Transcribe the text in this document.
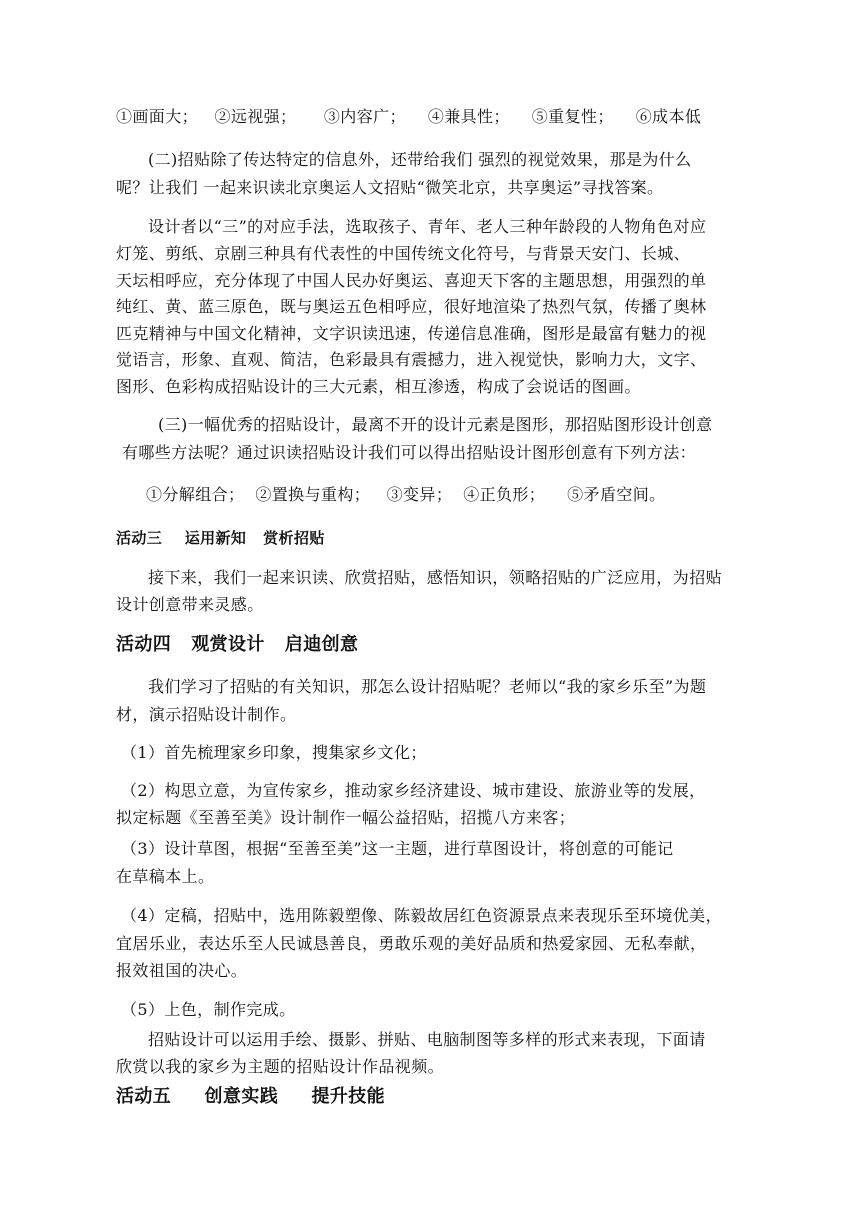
①画面大；   ②远视强；     ③内容广；    ④兼具性；    ⑤重复性；    ⑥成本低
(二)招贴除了传达特定的信息外，还带给我们 强烈的视觉效果，那是为什么
呢？让我们 一起来识读北京奥运人文招贴“微笑北京，共享奥运”寻找答案。
设计者以“三”的对应手法，选取孩子、青年、老人三种年龄段的人物角色对应
灯笼、剪纸、京剧三种具有代表性的中国传统文化符号，与背景天安门、长城、
天坛相呼应，充分体现了中国人民办好奥运、喜迎天下客的主题思想，用强烈的单
纯红、黄、蓝三原色，既与奥运五色相呼应，很好地渲染了热烈气氛，传播了奥林
匹克精神与中国文化精神，文字识读迅速，传递信息准确，图形是最富有魅力的视
觉语言，形象、直观、简洁，色彩最具有震撼力，进入视觉快，影响力大，文字、
图形、色彩构成招贴设计的三大元素，相互渗透，构成了会说话的图画。
(三)一幅优秀的招贴设计，最离不开的设计元素是图形，那招贴图形设计创意
有哪些方法呢？通过识读招贴设计我们可以得出招贴设计图形创意有下列方法：
①分解组合；  ②置换与重构；   ③变异；  ④正负形；    ⑤矛盾空间。
活动三    运用新知   赏析招贴
接下来，我们一起来识读、欣赏招贴，感悟知识，领略招贴的广泛应用，为招贴
设计创意带来灵感。
活动四   观赏设计   启迪创意
我们学习了招贴的有关知识，那怎么设计招贴呢？老师以“我的家乡乐至”为题
材，演示招贴设计制作。
（1）首先梳理家乡印象，搜集家乡文化；
（2）构思立意，为宣传家乡，推动家乡经济建设、城市建设、旅游业等的发展，
拟定标题《至善至美》设计制作一幅公益招贴，招揽八方来客；
（3）设计草图，根据“至善至美”这一主题，进行草图设计，将创意的可能记
在草稿本上。
（4）定稿，招贴中，选用陈毅塑像、陈毅故居红色资源景点来表现乐至环境优美，
宜居乐业，表达乐至人民诚恳善良，勇敢乐观的美好品质和热爱家园、无私奉献，
报效祖国的决心。
（5）上色，制作完成。
招贴设计可以运用手绘、摄影、拼贴、电脑制图等多样的形式来表现，下面请
欣赏以我的家乡为主题的招贴设计作品视频。
活动五     创意实践     提升技能
